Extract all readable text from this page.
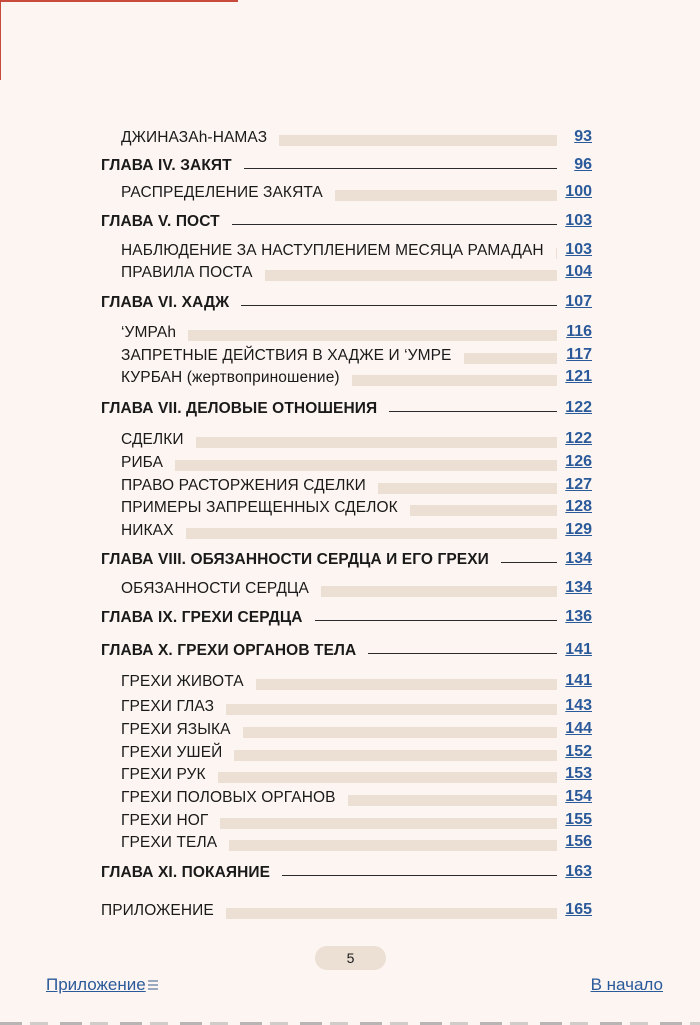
ДЖИНАЗАh-НАМАЗ	93
ГЛАВА IV. ЗАКЯТ	96
РАСПРЕДЕЛЕНИЕ ЗАКЯТА	100
ГЛАВА V. ПОСТ	103
НАБЛЮДЕНИЕ ЗА НАСТУПЛЕНИЕМ МЕСЯЦА РАМАДАН	103
ПРАВИЛА ПОСТА	104
ГЛАВА VI. ХАДЖ	107
‘УМРАh	116
ЗАПРЕТНЫЕ ДЕЙСТВИЯ В ХАДЖЕ И ‘УМРЕ	117
КУРБАН (жертвоприношение)	121
ГЛАВА VII. ДЕЛОВЫЕ ОТНОШЕНИЯ	122
СДЕЛКИ	122
РИБА	126
ПРАВО РАСТОРЖЕНИЯ СДЕЛКИ	127
ПРИМЕРЫ ЗАПРЕЩЕННЫХ СДЕЛОК	128
НИКАХ	129
ГЛАВА VIII. ОБЯЗАННОСТИ СЕРДЦА И ЕГО ГРЕХИ	134
ОБЯЗАННОСТИ СЕРДЦА	134
ГЛАВА IX. ГРЕХИ СЕРДЦА	136
ГЛАВА X. ГРЕХИ ОРГАНОВ ТЕЛА	141
ГРЕХИ ЖИВОТА	141
ГРЕХИ ГЛАЗ	143
ГРЕХИ ЯЗЫКА	144
ГРЕХИ УШЕЙ	152
ГРЕХИ РУК	153
ГРЕХИ ПОЛОВЫХ ОРГАНОВ	154
ГРЕХИ НОГ	155
ГРЕХИ ТЕЛА	156
ГЛАВА XI. ПОКАЯНИЕ	163
ПРИЛОЖЕНИЕ	165
5
Приложение	В начало
